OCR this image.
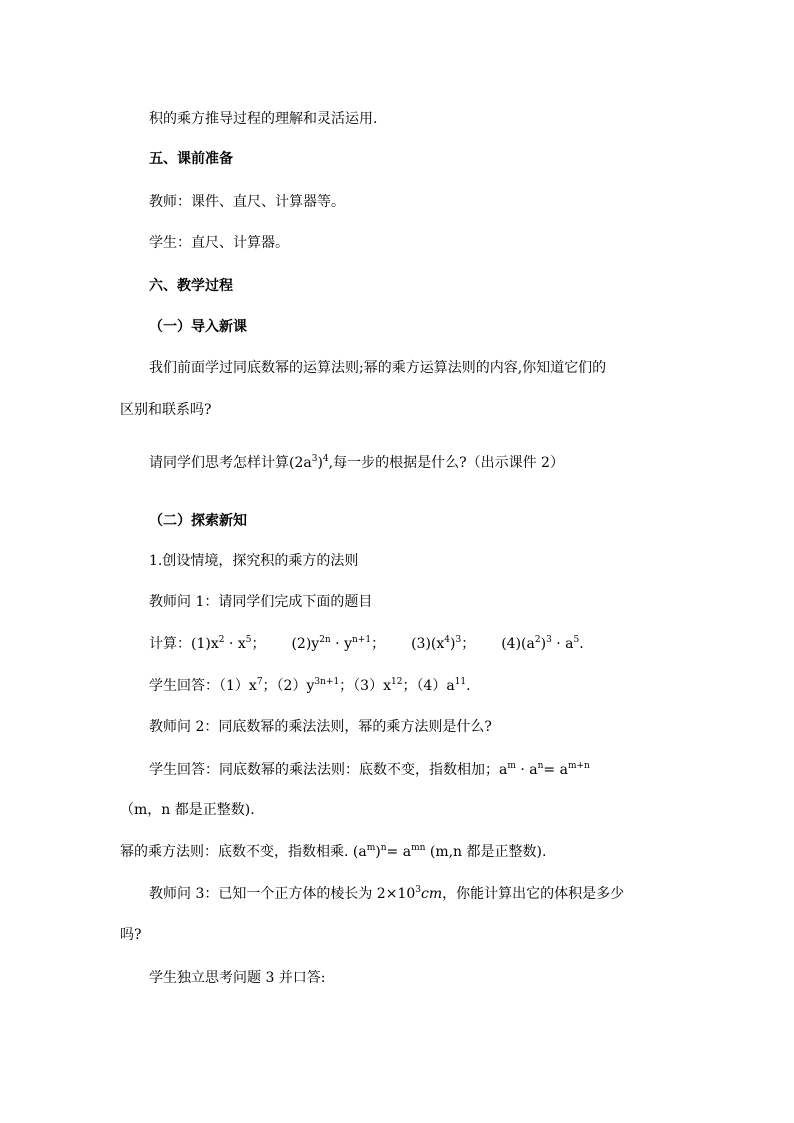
积的乘方推导过程的理解和灵活运用.
五、课前准备
教师：课件、直尺、计算器等。
学生：直尺、计算器。
六、教学过程
（一）导入新课
我们前面学过同底数幂的运算法则;幂的乘方运算法则的内容,你知道它们的
区别和联系吗?
请同学们思考怎样计算$(2a^3)^4$,每一步的根据是什么?（出示课件 2）
（二）探索新知
1.创设情境，探究积的乘方的法则
教师问 1：请同学们完成下面的题目
计算：$(1)x^2 \cdot x^5$； $(2)y^{2n} \cdot y^{n+1}$； $(3)(x^4)^3$； $(4)(a^2)^3 \cdot a^5$.
学生回答：$(1)x^7$；$(2)y^{3n+1}$；$(3)x^{12}$；$(4)a^{11}$.
教师问 2：同底数幂的乘法法则，幂的乘方法则是什么?
学生回答：同底数幂的乘法法则：底数不变，指数相加；$a^m \cdot a^n= a^{m+n}$
（m，n 都是正整数).
幂的乘方法则：底数不变，指数相乘. $(a^m)^n= a^{mn}$ (m,n 都是正整数).
教师问 3：已知一个正方体的棱长为 $2\times 10^3cm$，你能计算出它的体积是多少
吗?
学生独立思考问题 3 并口答:
